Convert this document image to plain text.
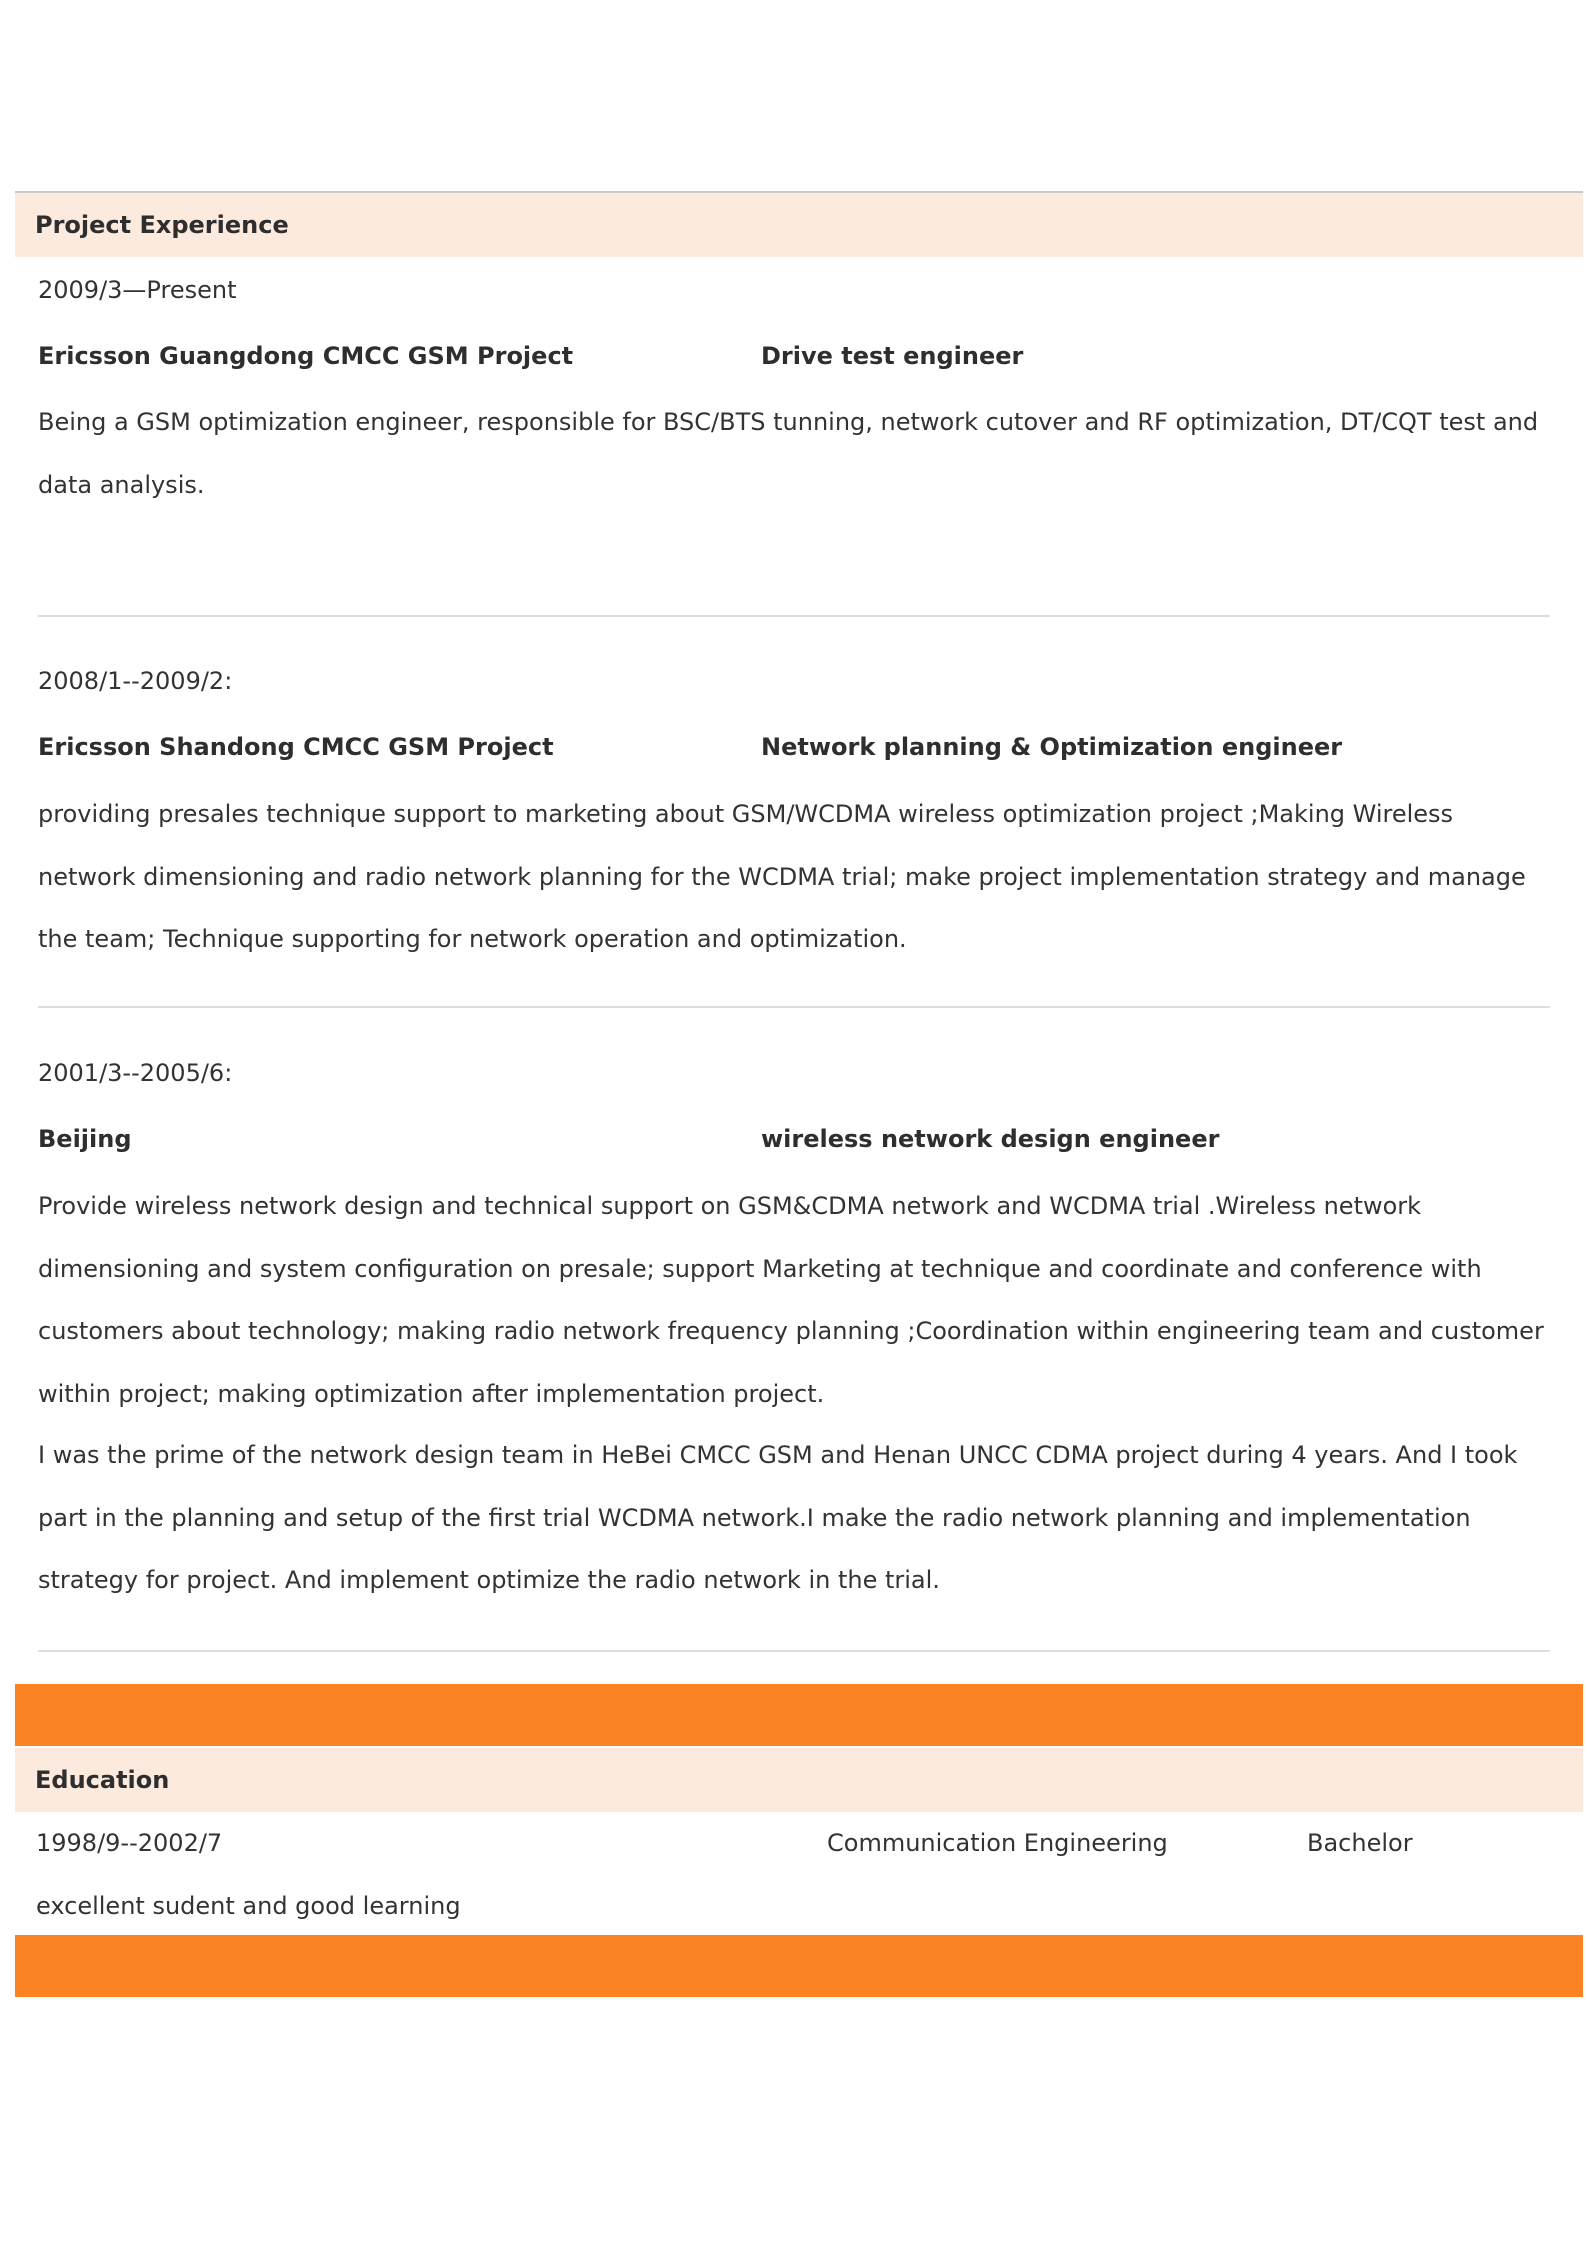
Project Experience
2009/3—Present
Ericsson Guangdong CMCC GSM Project	Drive test engineer
Being a GSM optimization engineer, responsible for BSC/BTS tunning, network cutover and RF optimization, DT/CQT test and data analysis.
2008/1--2009/2:
Ericsson Shandong CMCC GSM Project	Network planning & Optimization engineer
providing presales technique support to marketing about GSM/WCDMA wireless optimization project ;Making Wireless network dimensioning and radio network planning for the WCDMA trial; make project implementation strategy and manage the team; Technique supporting for network operation and optimization.
2001/3--2005/6:
Beijing	wireless network design engineer
Provide wireless network design and technical support on GSM&CDMA network and WCDMA trial .Wireless network dimensioning and system configuration on presale; support Marketing at technique and coordinate and conference with customers about technology; making radio network frequency planning ;Coordination within engineering team and customer within project; making optimization after implementation project.
I was the prime of the network design team in HeBei CMCC GSM and Henan UNCC CDMA project during 4 years. And I took part in the planning and setup of the first trial WCDMA network.I make the radio network planning and implementation strategy for project. And implement optimize the radio network in the trial.
Education
1998/9--2002/7	Communication Engineering	Bachelor
excellent sudent and good learning
